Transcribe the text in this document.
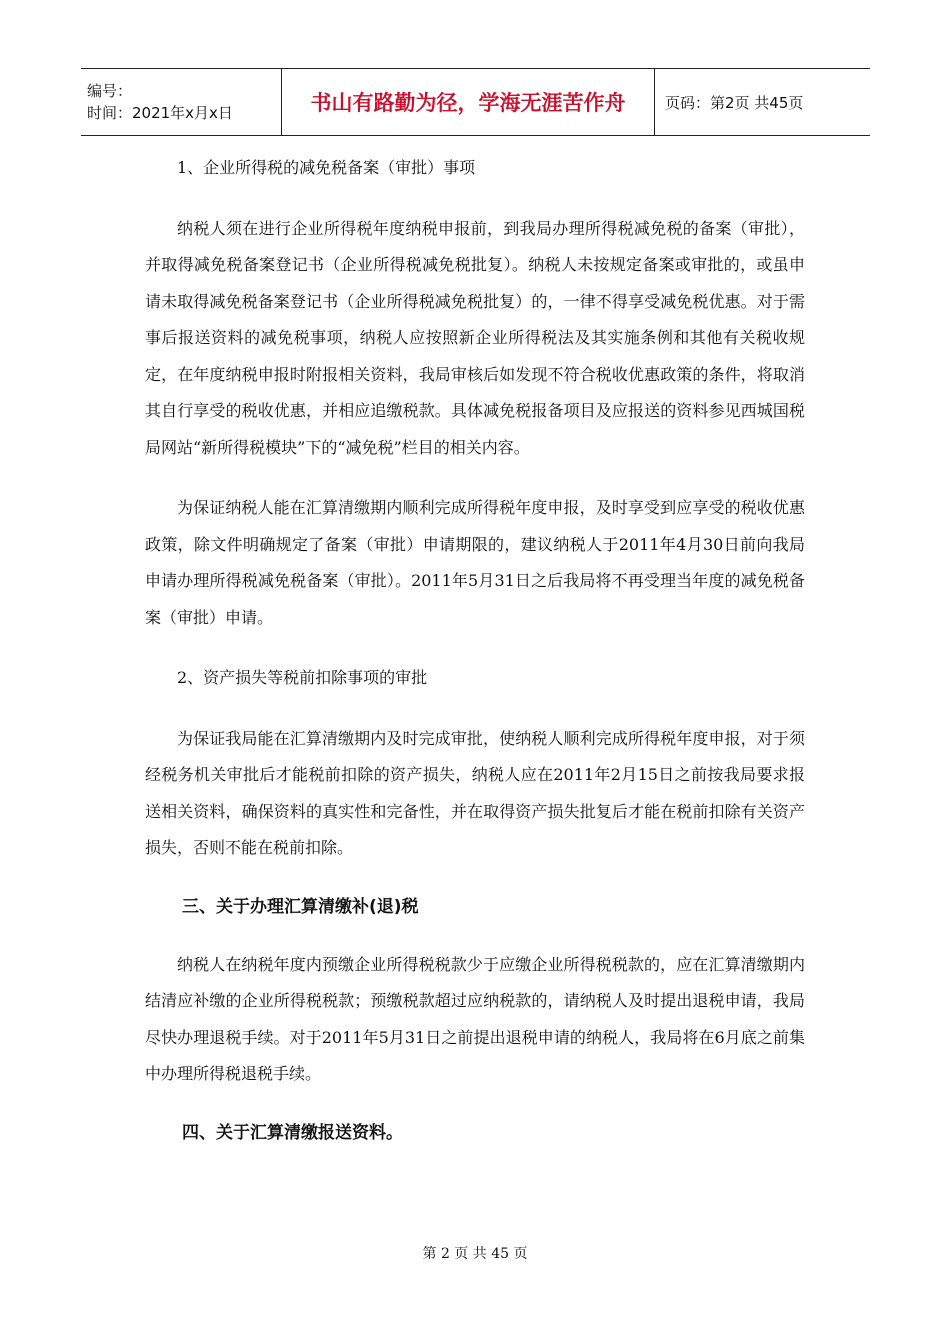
编号：
时间：2021年x月x日	书山有路勤为径，学海无涯苦作舟	页码：第2页 共45页

1、企业所得税的减免税备案（审批）事项

纳税人须在进行企业所得税年度纳税申报前，到我局办理所得税减免税的备案（审批），并取得减免税备案登记书（企业所得税减免税批复）。纳税人未按规定备案或审批的，或虽申请未取得减免税备案登记书（企业所得税减免税批复）的，一律不得享受减免税优惠。对于需事后报送资料的减免税事项，纳税人应按照新企业所得税法及其实施条例和其他有关税收规定，在年度纳税申报时附报相关资料，我局审核后如发现不符合税收优惠政策的条件，将取消其自行享受的税收优惠，并相应追缴税款。具体减免税报备项目及应报送的资料参见西城国税局网站“新所得税模块”下的“减免税”栏目的相关内容。

为保证纳税人能在汇算清缴期内顺利完成所得税年度申报，及时享受到应享受的税收优惠政策，除文件明确规定了备案（审批）申请期限的，建议纳税人于2011年4月30日前向我局申请办理所得税减免税备案（审批）。2011年5月31日之后我局将不再受理当年度的减免税备案（审批）申请。

2、资产损失等税前扣除事项的审批

为保证我局能在汇算清缴期内及时完成审批，使纳税人顺利完成所得税年度申报，对于须经税务机关审批后才能税前扣除的资产损失，纳税人应在2011年2月15日之前按我局要求报送相关资料，确保资料的真实性和完备性，并在取得资产损失批复后才能在税前扣除有关资产损失，否则不能在税前扣除。

三、关于办理汇算清缴补(退)税

纳税人在纳税年度内预缴企业所得税税款少于应缴企业所得税税款的，应在汇算清缴期内结清应补缴的企业所得税税款；预缴税款超过应纳税款的，请纳税人及时提出退税申请，我局尽快办理退税手续。对于2011年5月31日之前提出退税申请的纳税人，我局将在6月底之前集中办理所得税退税手续。

四、关于汇算清缴报送资料。

第 2 页 共 45 页
